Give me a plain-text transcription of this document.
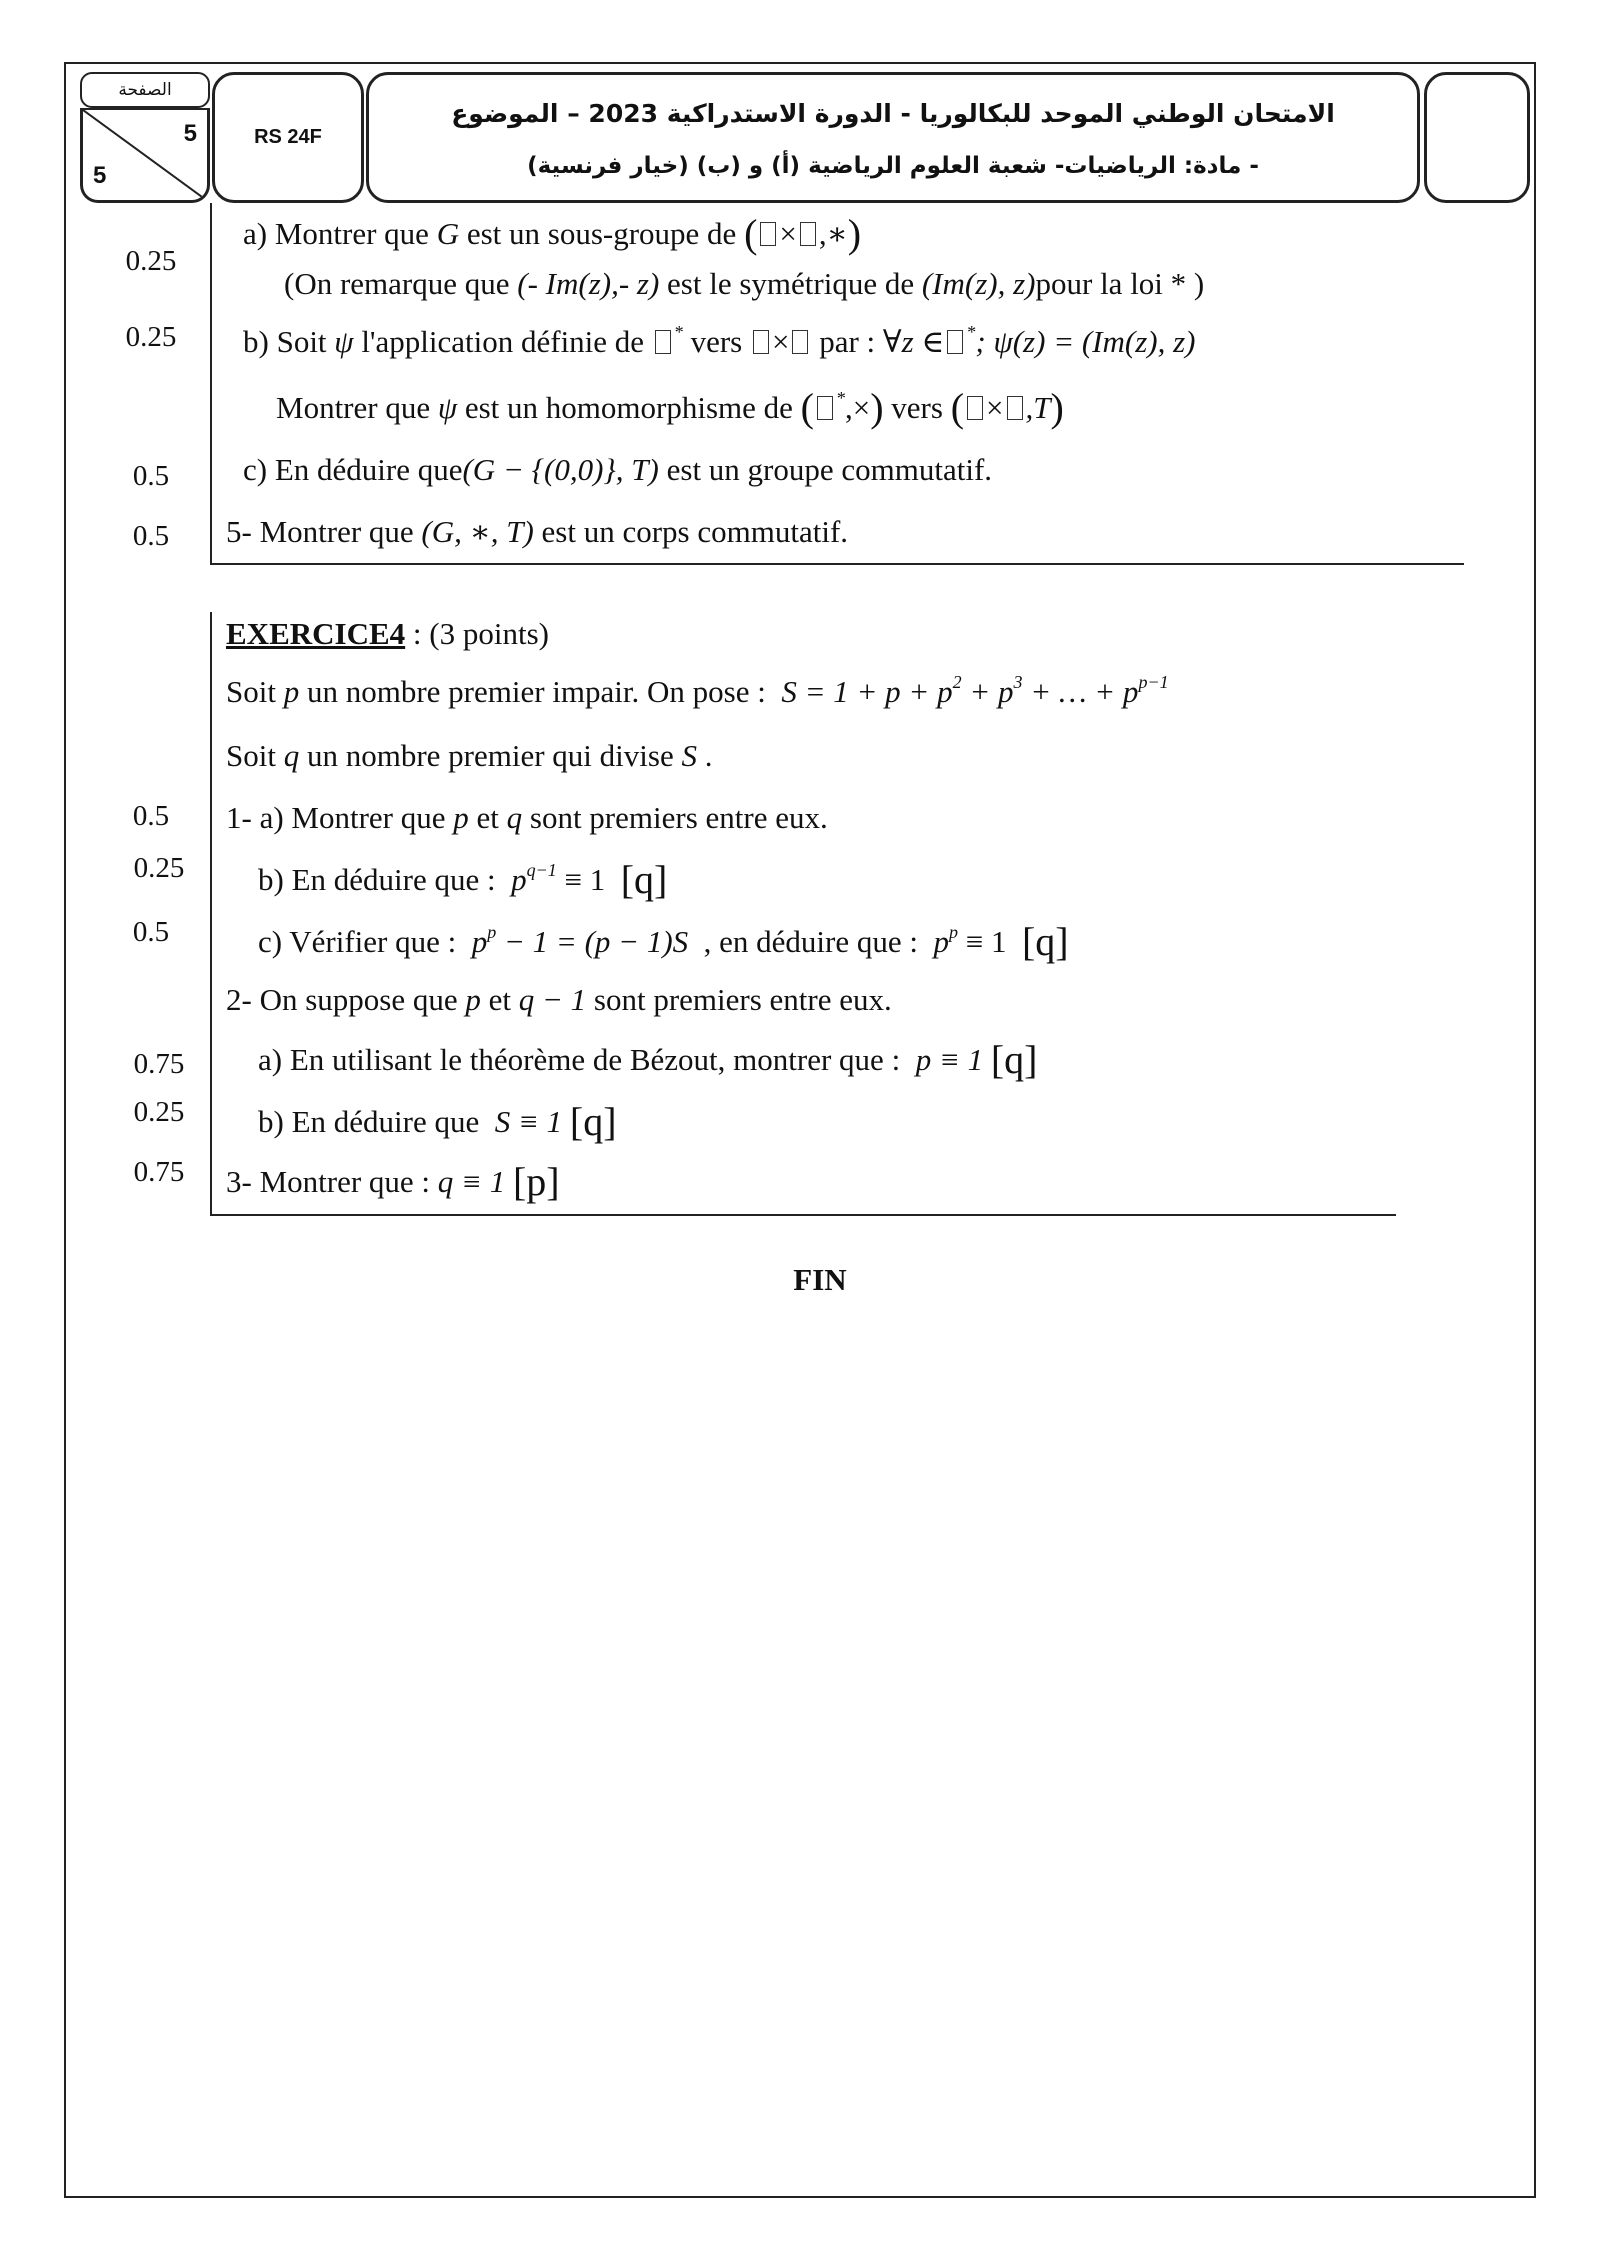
الصفحة
5
5
RS 24F
الامتحان الوطني الموحد للبكالوريا - الدورة الاستدراكية 2023 – الموضوع
- مادة: الرياضيات- شعبة العلوم الرياضية (أ) و (ب) (خيار فرنسية)
0.25
0.25
0.5
0.5
a) Montrer que G est un sous-groupe de ( × ,∗)
(On remarque que (- Im(z),- z) est le symétrique de (Im(z), z)pour la loi * )
b) Soit ψ l'application définie de * vers × par : ∀z ∈ *; ψ(z) = (Im(z), z)
Montrer que ψ est un homomorphisme de ( *,×) vers ( × ,T)
c) En déduire que(G − {(0,0)}, T) est un groupe commutatif.
5- Montrer que (G, ∗, T) est un corps commutatif.
EXERCICE4 : (3 points)
Soit p un nombre premier impair. On pose : $S = 1 + p + p^2 + p^3$ + … + $p^{p-1}$
Soit q un nombre premier qui divise S .
0.5
0.25
0.5
0.75
0.25
0.75
1- a) Montrer que p et q sont premiers entre eux.
b) En déduire que : $p^{q-1} \equiv 1$ [q]
c) Vérifier que : $p^p - 1 = (p - 1)S$ , en déduire que : $p^p \equiv 1$ [q]
2- On suppose que p et q − 1 sont premiers entre eux.
a) En utilisant le théorème de Bézout, montrer que : p ≡ 1 [q]
b) En déduire que S ≡ 1 [q]
3- Montrer que : q ≡ 1 [p]
FIN
